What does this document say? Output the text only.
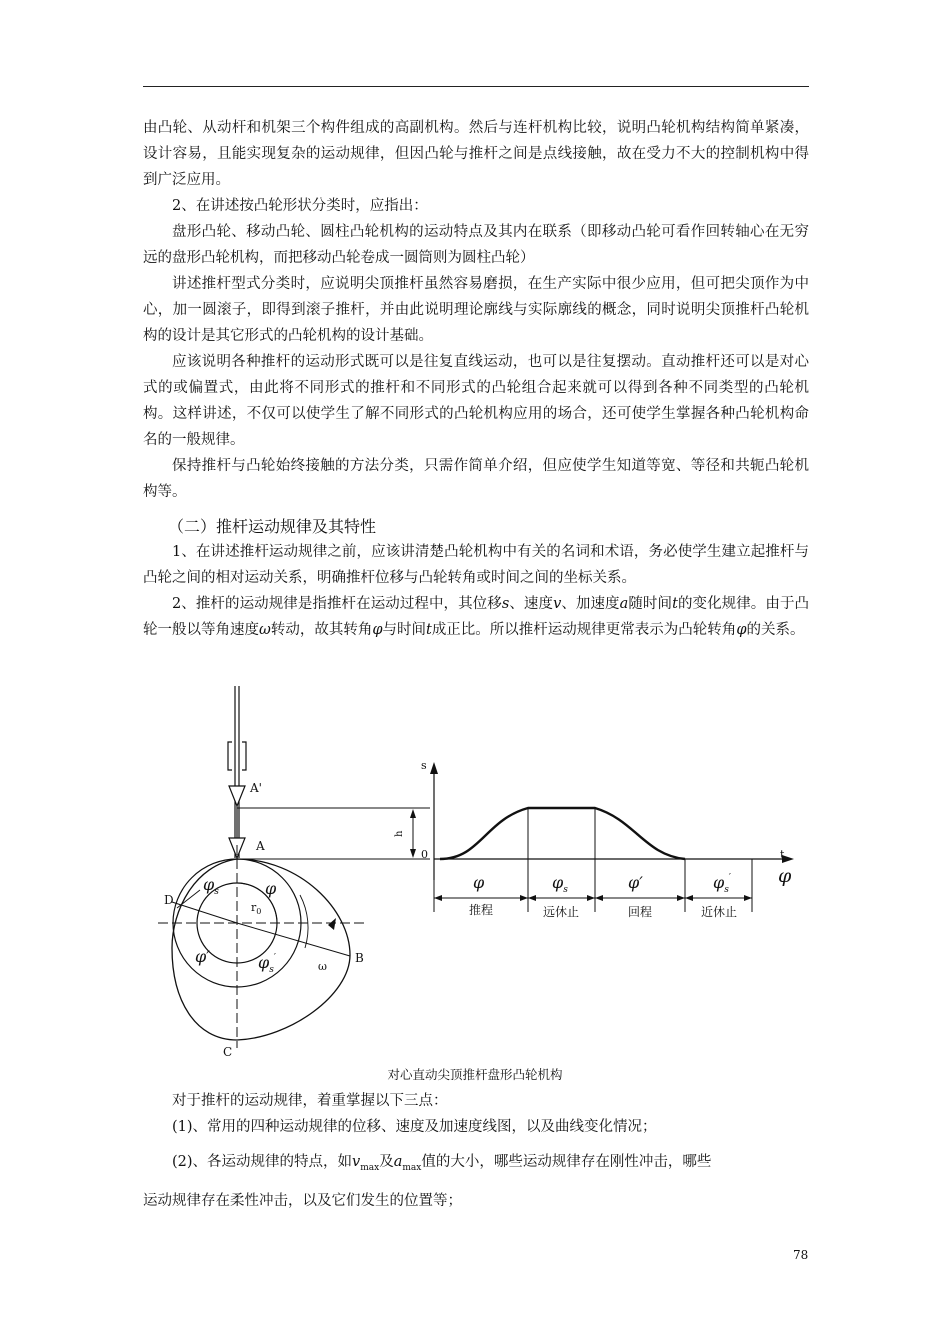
由凸轮、从动杆和机架三个构件组成的高副机构。然后与连杆机构比较，说明凸轮机构结构简单紧凑，设计容易，且能实现复杂的运动规律，但因凸轮与推杆之间是点线接触，故在受力不大的控制机构中得到广泛应用。

2、在讲述按凸轮形状分类时，应指出：

盘形凸轮、移动凸轮、圆柱凸轮机构的运动特点及其内在联系（即移动凸轮可看作回转轴心在无穷远的盘形凸轮机构，而把移动凸轮卷成一圆筒则为圆柱凸轮）

讲述推杆型式分类时，应说明尖顶推杆虽然容易磨损，在生产实际中很少应用，但可把尖顶作为中心，加一圆滚子，即得到滚子推杆，并由此说明理论廓线与实际廓线的概念，同时说明尖顶推杆凸轮机构的设计是其它形式的凸轮机构的设计基础。

应该说明各种推杆的运动形式既可以是往复直线运动，也可以是往复摆动。直动推杆还可以是对心式的或偏置式，由此将不同形式的推杆和不同形式的凸轮组合起来就可以得到各种不同类型的凸轮机构。这样讲述，不仅可以使学生了解不同形式的凸轮机构应用的场合，还可使学生掌握各种凸轮机构命名的一般规律。

保持推杆与凸轮始终接触的方法分类，只需作简单介绍，但应使学生知道等宽、等径和共轭凸轮机构等。

（二）推杆运动规律及其特性

1、在讲述推杆运动规律之前，应该讲清楚凸轮机构中有关的名词和术语，务必使学生建立起推杆与凸轮之间的相对运动关系，明确推杆位移与凸轮转角或时间之间的坐标关系。

2、推杆的运动规律是指推杆在运动过程中，其位移s、速度v、加速度a随时间t的变化规律。由于凸轮一般以等角速度ω转动，故其转角φ与时间t成正比。所以推杆运动规律更常表示为凸轮转角φ的关系。

A'
A
D
B
C
$r_0$
ω
$\varphi_s$	φ
φ′	$\varphi_s'$
s
t
φ
h
0
φ	$\varphi_s$	φ′	$\varphi_s'$
推程	远休止	回程	近休止
对心直动尖顶推杆盘形凸轮机构

对于推杆的运动规律，着重掌握以下三点：

(1)、常用的四种运动规律的位移、速度及加速度线图，以及曲线变化情况；

(2)、各运动规律的特点，如$v_{max}$及$a_{max}$值的大小，哪些运动规律存在刚性冲击，哪些

运动规律存在柔性冲击，以及它们发生的位置等；

78
